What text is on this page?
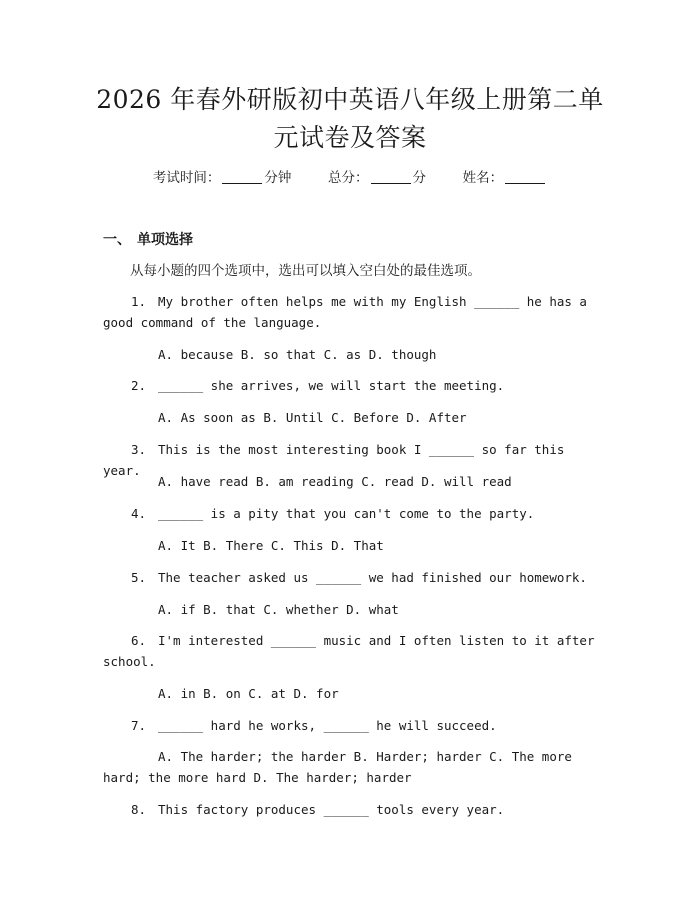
2026 年春外研版初中英语八年级上册第二单
元试卷及答案
考试时间：	分钟	总分：	分	姓名：
一、 单项选择
从每小题的四个选项中，选出可以填入空白处的最佳选项。
1. My brother often helps me with my English ______ he has a good command of the language.
A. because B. so that C. as D. though
2. ______ she arrives, we will start the meeting.
A. As soon as B. Until C. Before D. After
3. This is the most interesting book I ______ so far this year.
A. have read B. am reading C. read D. will read
4. ______ is a pity that you can't come to the party.
A. It B. There C. This D. That
5. The teacher asked us ______ we had finished our homework.
A. if B. that C. whether D. what
6. I'm interested ______ music and I often listen to it after school.
A. in B. on C. at D. for
7. ______ hard he works, ______ he will succeed.
A. The harder; the harder B. Harder; harder C. The more hard; the more hard D. The harder; harder
8. This factory produces ______ tools every year.
